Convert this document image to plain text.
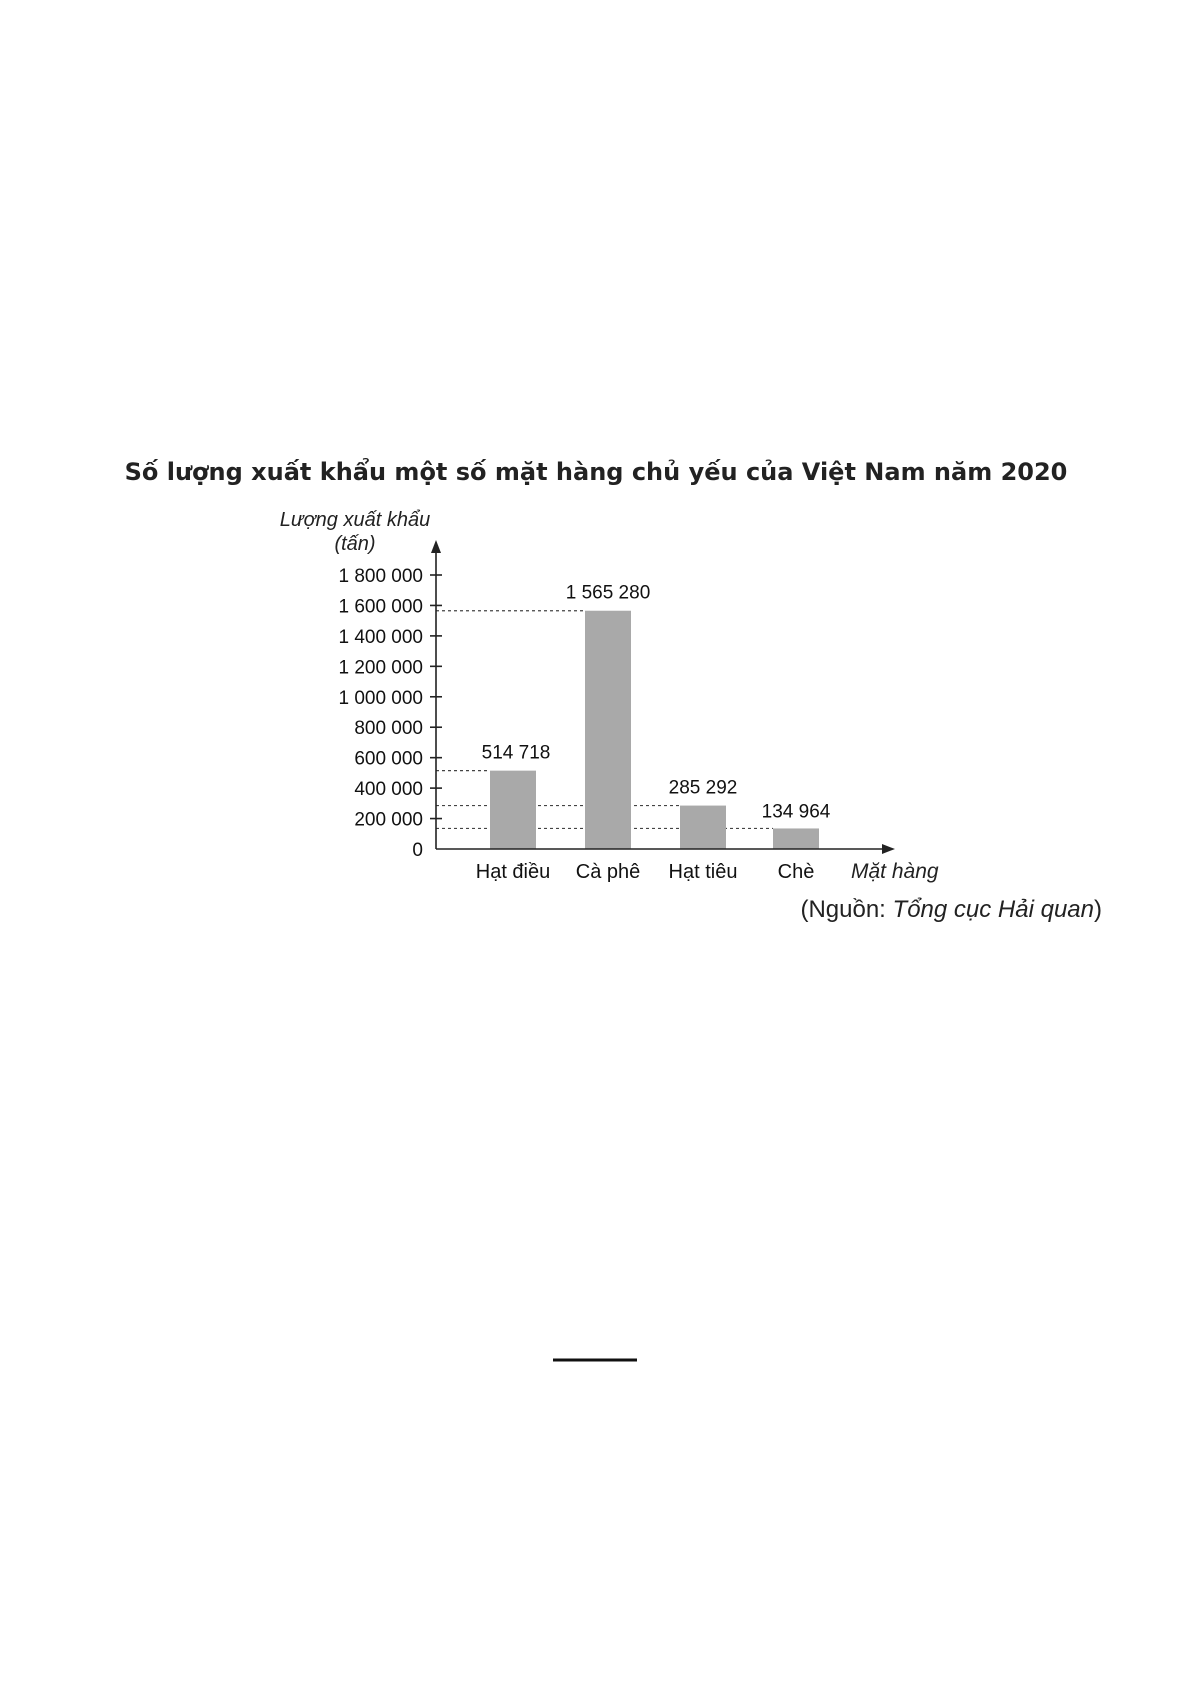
Số lượng xuất khẩu một số mặt hàng chủ yếu của Việt Nam năm 2020
Lượng xuất khẩu
(tấn)
0
200 000
400 000
600 000
800 000
1 000 000
1 200 000
1 400 000
1 600 000
1 800 000
Hạt điều Cà phê Hạt tiêu Chè
514 718
1 565 280
285 292
134 964
Mặt hàng
(Nguồn: Tổng cục Hải quan)
